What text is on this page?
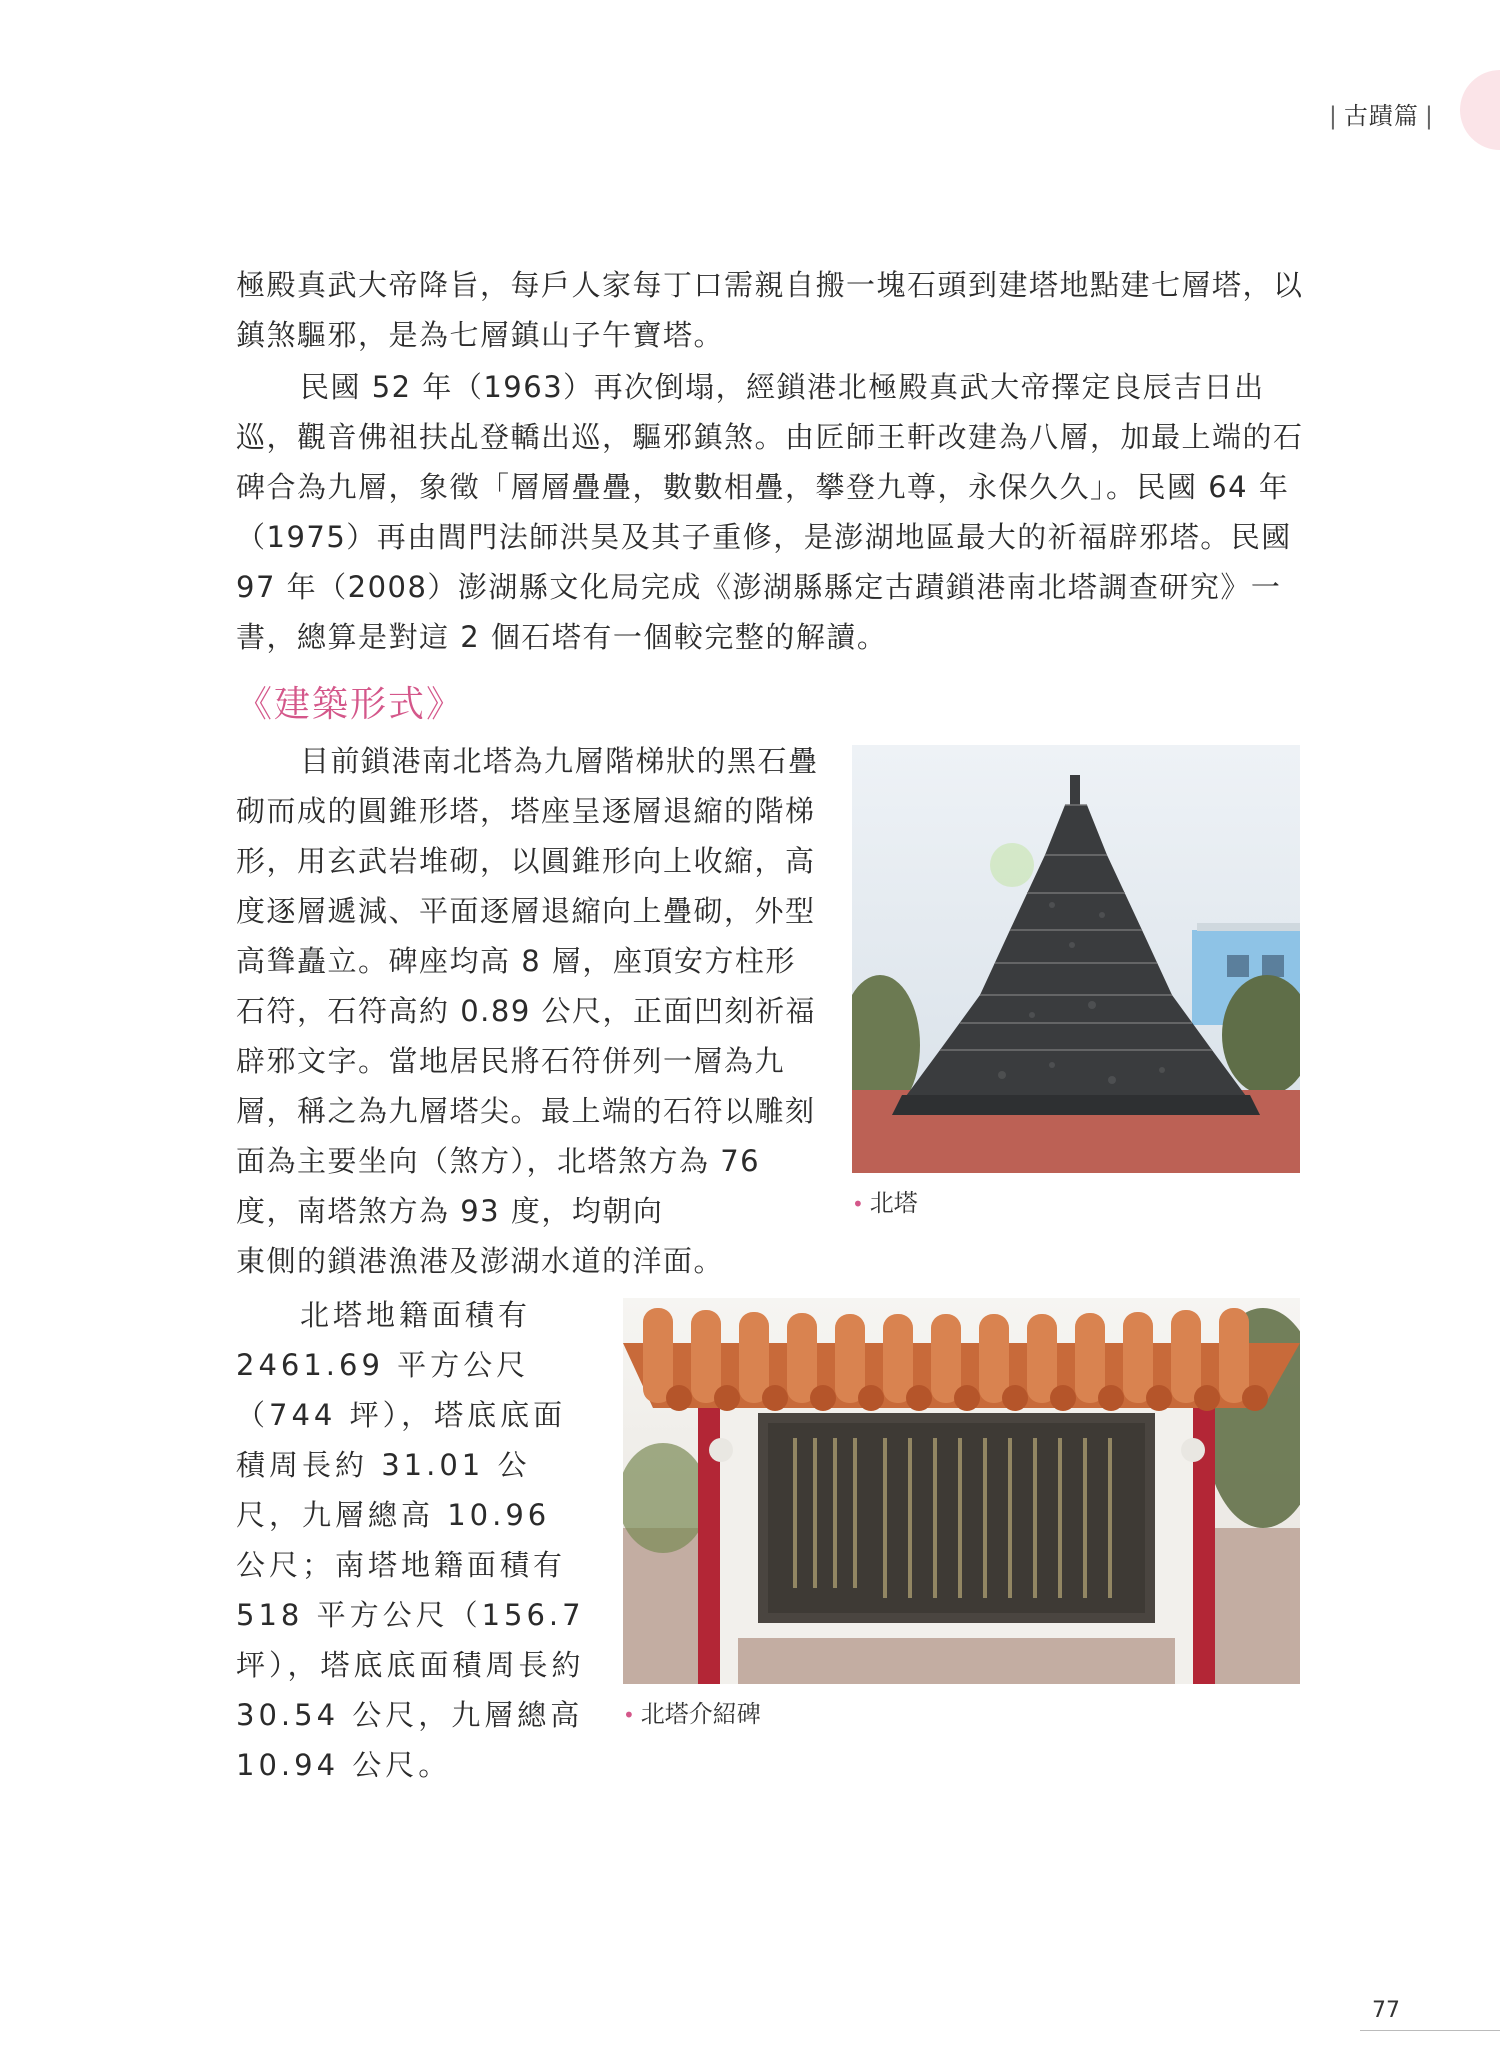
| 古蹟篇 |

極殿真武大帝降旨，每戶人家每丁口需親自搬一塊石頭到建塔地點建七層塔，以鎮煞驅邪，是為七層鎮山子午寶塔。

民國 52 年（1963）再次倒塌，經鎖港北極殿真武大帝擇定良辰吉日出巡，觀音佛祖扶乩登轎出巡，驅邪鎮煞。由匠師王軒改建為八層，加最上端的石碑合為九層，象徵「層層疊疊，數數相疊，攀登九尊，永保久久」。民國 64 年（1975）再由閭門法師洪昊及其子重修，是澎湖地區最大的祈福辟邪塔。民國 97 年（2008）澎湖縣文化局完成《澎湖縣縣定古蹟鎖港南北塔調查研究》一書，總算是對這 2 個石塔有一個較完整的解讀。

《建築形式》

目前鎖港南北塔為九層階梯狀的黑石疊砌而成的圓錐形塔，塔座呈逐層退縮的階梯形，用玄武岩堆砌，以圓錐形向上收縮，高度逐層遞減、平面逐層退縮向上疊砌，外型高聳矗立。碑座均高 8 層，座頂安方柱形石符，石符高約 0.89 公尺，正面凹刻祈福辟邪文字。當地居民將石符併列一層為九層，稱之為九層塔尖。最上端的石符以雕刻面為主要坐向（煞方），北塔煞方為 76 度，南塔煞方為 93 度，均朝向

東側的鎖港漁港及澎湖水道的洋面。

北塔地籍面積有 2461.69 平方公尺（744 坪），塔底底面積周長約 31.01 公尺，九層總高 10.96 公尺；南塔地籍面積有 518 平方公尺（156.7 坪），塔底底面積周長約 30.54 公尺，九層總高 10.94 公尺。

• 北塔
• 北塔介紹碑
77
